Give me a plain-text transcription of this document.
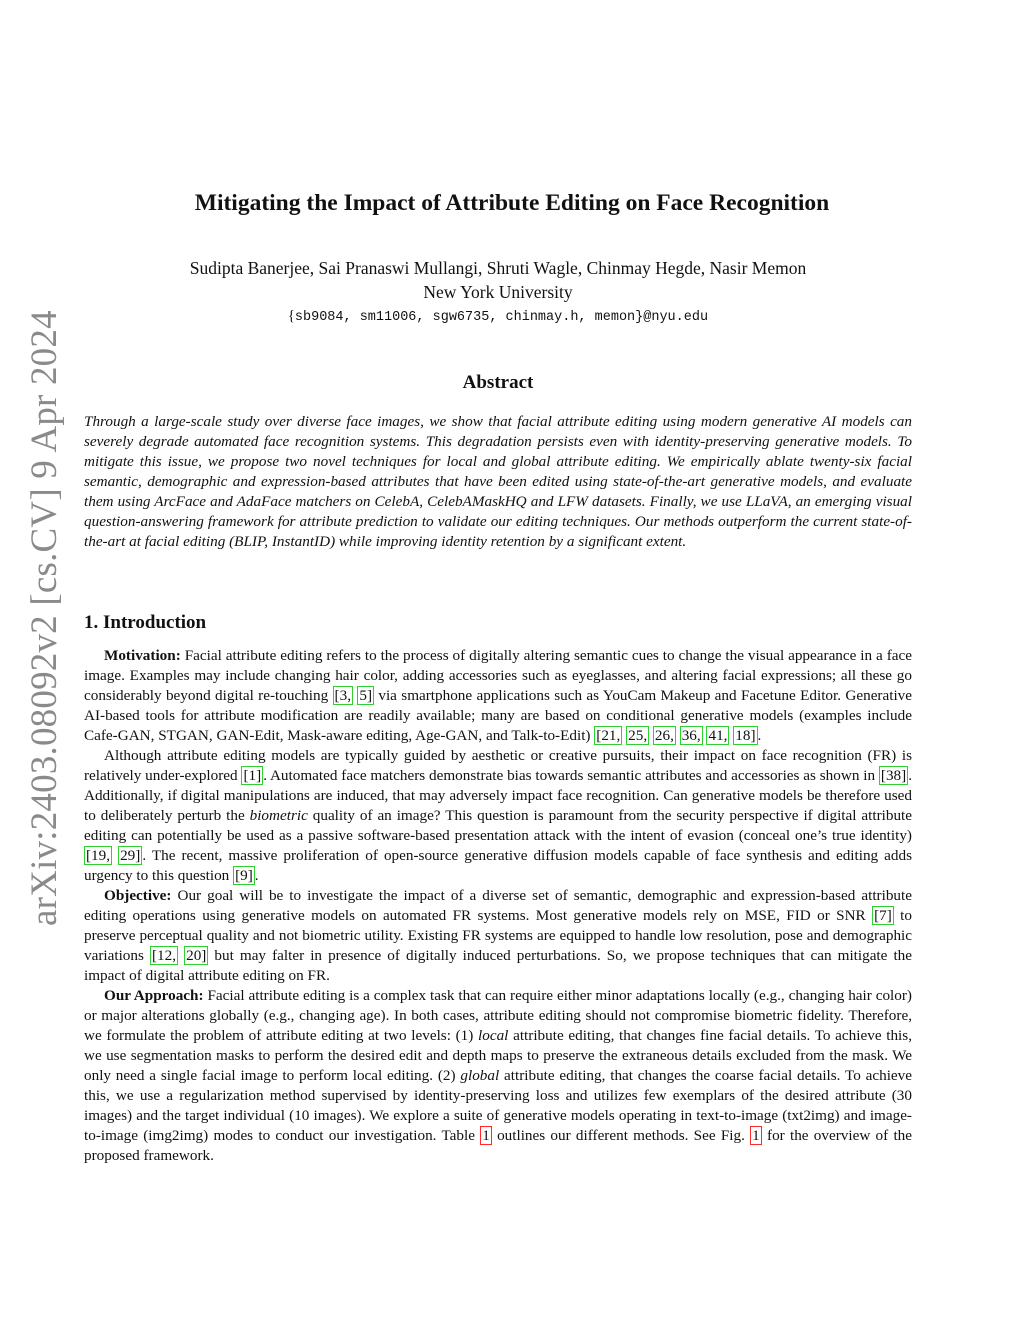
arXiv:2403.08092v2 [cs.CV] 9 Apr 2024
Mitigating the Impact of Attribute Editing on Face Recognition
Sudipta Banerjee, Sai Pranaswi Mullangi, Shruti Wagle, Chinmay Hegde, Nasir Memon
New York University
{sb9084, sm11006, sgw6735, chinmay.h, memon}@nyu.edu
Abstract
Through a large-scale study over diverse face images, we show that facial attribute editing using modern generative AI models can severely degrade automated face recognition systems. This degradation persists even with identity-preserving generative models. To mitigate this issue, we propose two novel techniques for local and global attribute editing. We empirically ablate twenty-six facial semantic, demographic and expression-based attributes that have been edited using state-of-the-art generative models, and evaluate them using ArcFace and AdaFace matchers on CelebA, CelebAMaskHQ and LFW datasets. Finally, we use LLaVA, an emerging visual question-answering framework for attribute prediction to validate our editing techniques. Our methods outperform the current state-of-the-art at facial editing (BLIP, InstantID) while improving identity retention by a significant extent.
1. Introduction

Motivation: Facial attribute editing refers to the process of digitally altering semantic cues to change the visual appearance in a face image. Examples may include changing hair color, adding accessories such as eyeglasses, and altering facial expressions; all these go considerably beyond digital re-touching [3, 5] via smartphone applications such as YouCam Makeup and Facetune Editor. Generative AI-based tools for attribute modification are readily available; many are based on conditional generative models (examples include Cafe-GAN, STGAN, GAN-Edit, Mask-aware editing, Age-GAN, and Talk-to-Edit) [21, 25, 26, 36, 41, 18] .

Although attribute editing models are typically guided by aesthetic or creative pursuits, their impact on face recognition (FR) is relatively under-explored [1] . Automated face matchers demonstrate bias towards semantic attributes and accessories as shown in [38] . Additionally, if digital manipulations are induced, that may adversely impact face recognition. Can generative models be therefore used to deliberately perturb the biometric quality of an image? This question is paramount from the security perspective if digital attribute editing can potentially be used as a passive software-based presentation attack with the intent of evasion (conceal one’s true identity) [19, 29] . The recent, massive proliferation of open-source generative diffusion models capable of face synthesis and editing adds urgency to this question [9] .

Objective: Our goal will be to investigate the impact of a diverse set of semantic, demographic and expression-based attribute editing operations using generative models on automated FR systems. Most generative models rely on MSE, FID or SNR [7] to preserve perceptual quality and not biometric utility. Existing FR systems are equipped to handle low resolution, pose and demographic variations [12, 20] but may falter in presence of digitally induced perturbations. So, we propose techniques that can mitigate the impact of digital attribute editing on FR.

Our Approach: Facial attribute editing is a complex task that can require either minor adaptations locally (e.g., changing hair color) or major alterations globally (e.g., changing age). In both cases, attribute editing should not compromise biometric fidelity. Therefore, we formulate the problem of attribute editing at two levels: (1) local attribute editing, that changes fine facial details. To achieve this, we use segmentation masks to perform the desired edit and depth maps to preserve the extraneous details excluded from the mask. We only need a single facial image to perform local editing. (2) global attribute editing, that changes the coarse facial details. To achieve this, we use a regularization method supervised by identity-preserving loss and utilizes few exemplars of the desired attribute (30 images) and the target individual (10 images). We explore a suite of generative models operating in text-to-image (txt2img) and image-to-image (img2img) modes to conduct our investigation. Table 1 outlines our different methods. See Fig. 1 for the overview of the proposed framework.
